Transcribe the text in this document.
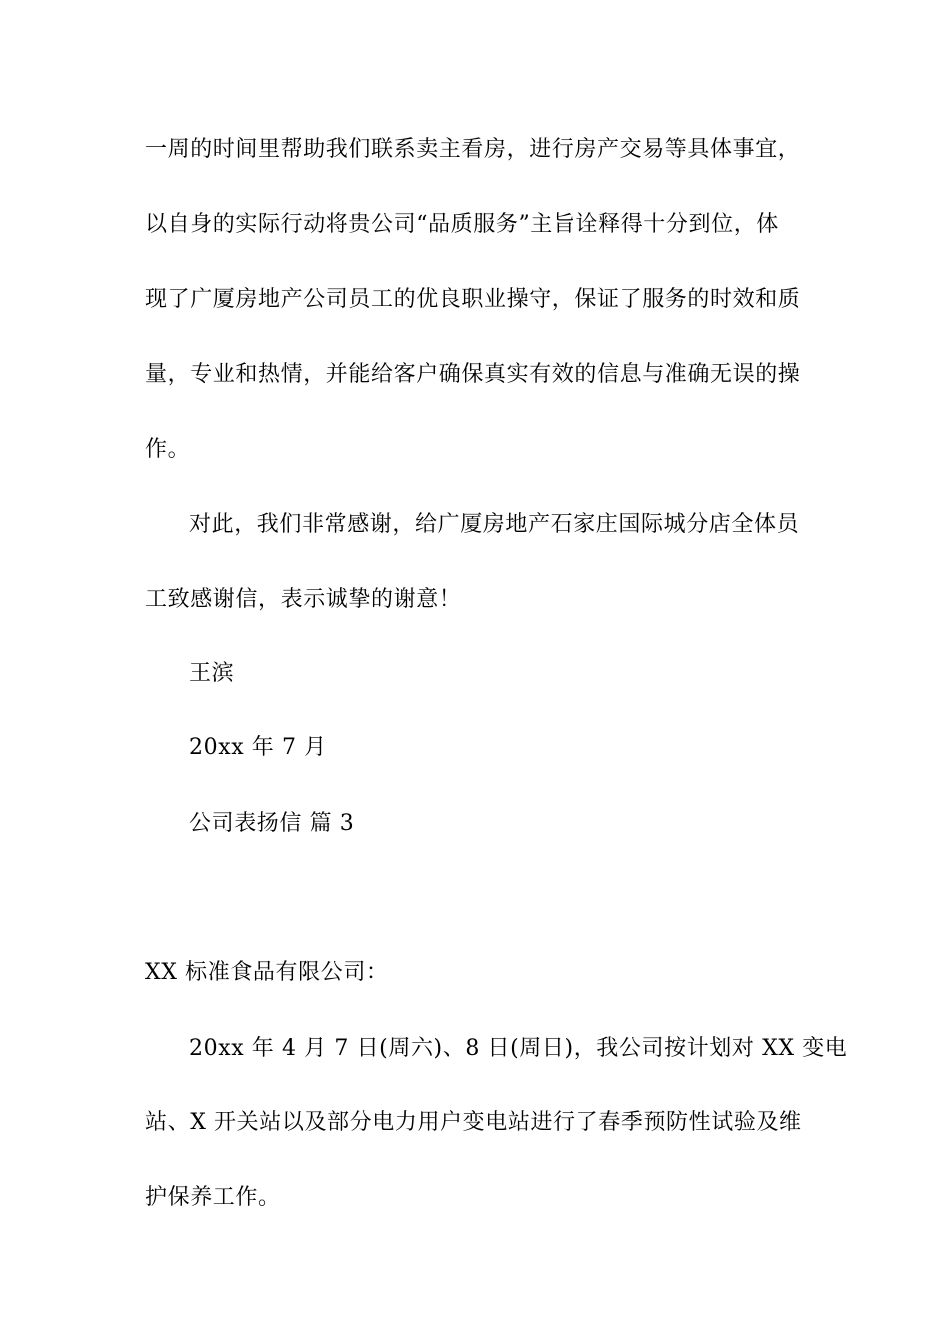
一周的时间里帮助我们联系卖主看房，进行房产交易等具体事宜，
以自身的实际行动将贵公司“品质服务”主旨诠释得十分到位，体
现了广厦房地产公司员工的优良职业操守，保证了服务的时效和质
量，专业和热情，并能给客户确保真实有效的信息与准确无误的操
作。
对此，我们非常感谢，给广厦房地产石家庄国际城分店全体员
工致感谢信，表示诚挚的谢意！
王滨
20xx 年 7 月
公司表扬信 篇 3
XX 标准食品有限公司：
20xx 年 4 月 7 日(周六)、8 日(周日)，我公司按计划对 XX 变电
站、X 开关站以及部分电力用户变电站进行了春季预防性试验及维
护保养工作。
